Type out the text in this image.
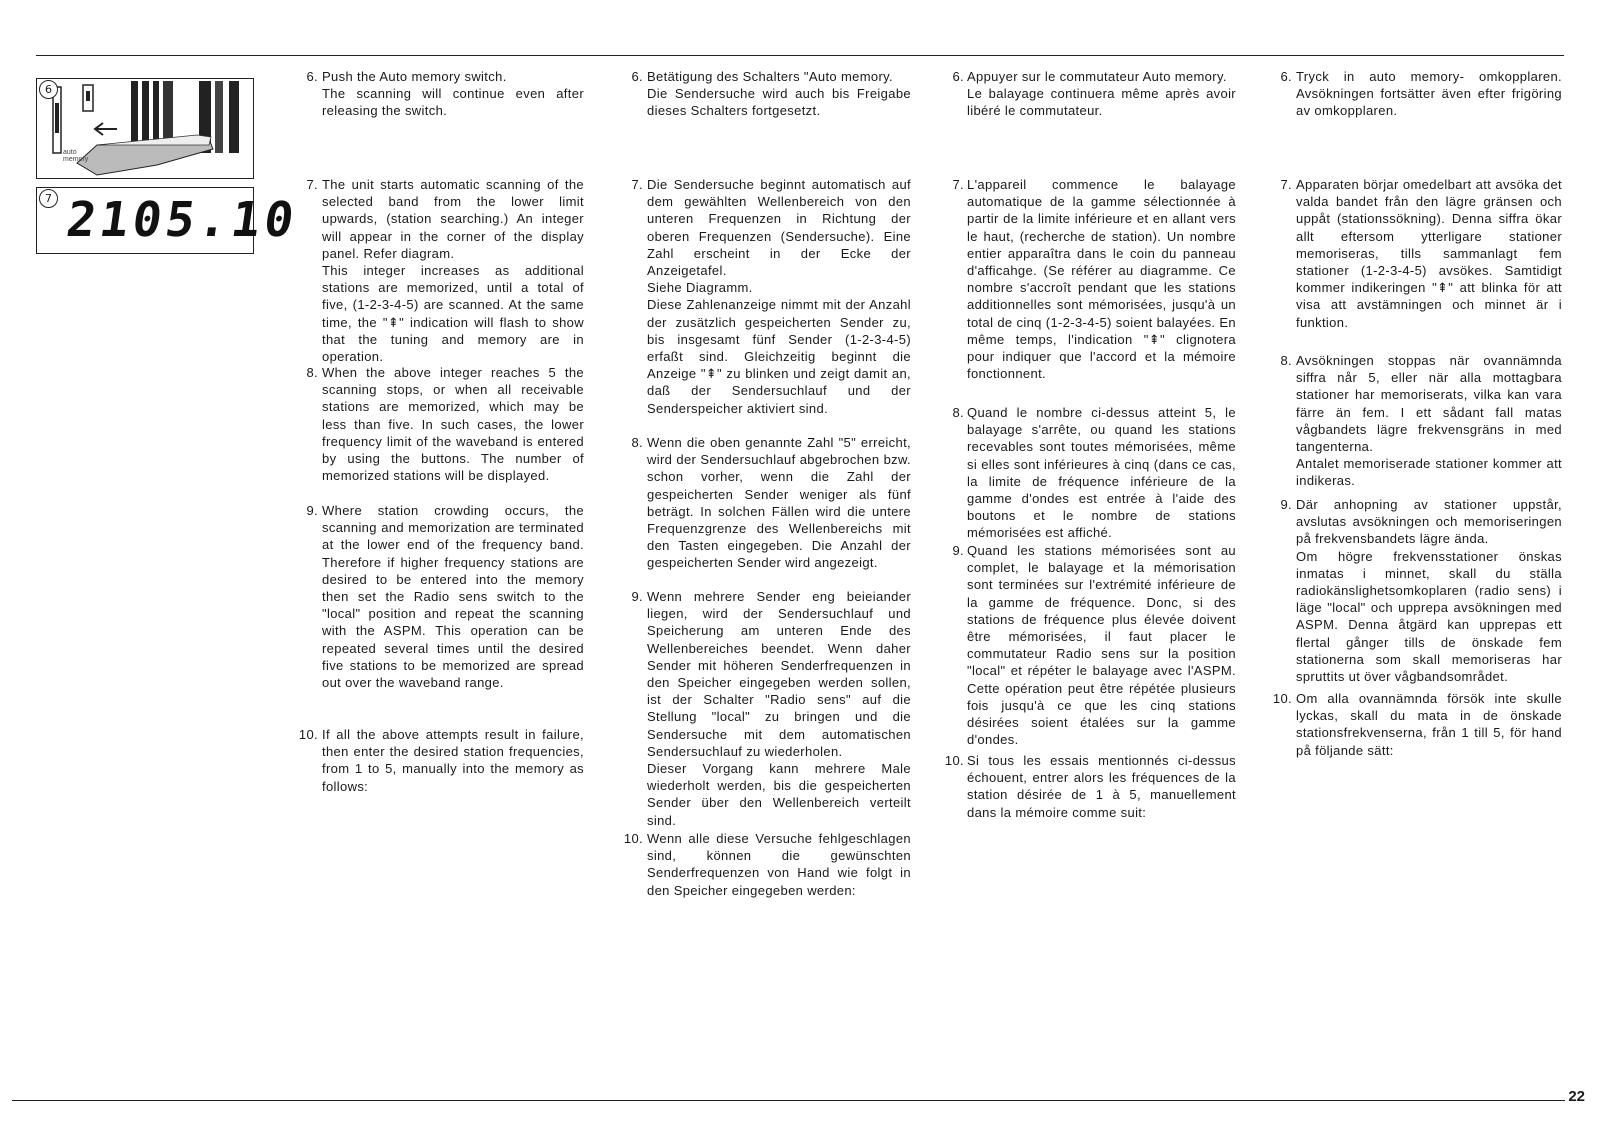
6
auto memory
7 2105.10
6. Push the Auto memory switch.
The scanning will continue even after releasing the switch.
7. The unit starts automatic scanning of the selected band from the lower limit upwards, (station searching.) An integer will appear in the corner of the display panel. Refer diagram.
This integer increases as additional stations are memorized, until a total of five, (1-2-3-4-5) are scanned. At the same time, the "⇞" indication will flash to show that the tuning and memory are in operation.
8. When the above integer reaches 5 the scanning stops, or when all receivable stations are memorized, which may be less than five. In such cases, the lower frequency limit of the waveband is entered by using the buttons. The number of memorized stations will be displayed.
9. Where station crowding occurs, the scanning and memorization are terminated at the lower end of the frequency band. Therefore if higher frequency stations are desired to be entered into the memory then set the Radio sens switch to the "local" position and repeat the scanning with the ASPM. This operation can be repeated several times until the desired five stations to be memorized are spread out over the waveband range.
10. If all the above attempts result in failure, then enter the desired station frequencies, from 1 to 5, manually into the memory as follows:
6. Betätigung des Schalters "Auto memory.
Die Sendersuche wird auch bis Freigabe dieses Schalters fortgesetzt.
7. Die Sendersuche beginnt automatisch auf dem gewählten Wellenbereich von den unteren Frequenzen in Richtung der oberen Frequenzen (Sendersuche). Eine Zahl erscheint in der Ecke der Anzeigetafel.
Siehe Diagramm.
Diese Zahlenanzeige nimmt mit der Anzahl der zusätzlich gespeicherten Sender zu, bis insgesamt fünf Sender (1-2-3-4-5) erfaßt sind. Gleichzeitig beginnt die Anzeige "⇞" zu blinken und zeigt damit an, daß der Sendersuchlauf und der Senderspeicher aktiviert sind.
8. Wenn die oben genannte Zahl "5" erreicht, wird der Sendersuchlauf abgebrochen bzw. schon vorher, wenn die Zahl der gespeicherten Sender weniger als fünf beträgt. In solchen Fällen wird die untere Frequenzgrenze des Wellenbereichs mit den Tasten eingegeben. Die Anzahl der gespeicherten Sender wird angezeigt.
9. Wenn mehrere Sender eng beieiander liegen, wird der Sendersuchlauf und Speicherung am unteren Ende des Wellenbereiches beendet. Wenn daher Sender mit höheren Senderfrequenzen in den Speicher eingegeben werden sollen, ist der Schalter "Radio sens" auf die Stellung "local" zu bringen und die Sendersuche mit dem automatischen Sendersuchlauf zu wiederholen.
Dieser Vorgang kann mehrere Male wiederholt werden, bis die gespeicherten Sender über den Wellenbereich verteilt sind.
10. Wenn alle diese Versuche fehlgeschlagen sind, können die gewünschten Senderfrequenzen von Hand wie folgt in den Speicher eingegeben werden:
6. Appuyer sur le commutateur Auto memory.
Le balayage continuera même après avoir libéré le commutateur.
7. L'appareil commence le balayage automatique de la gamme sélectionnée à partir de la limite inférieure et en allant vers le haut, (recherche de station). Un nombre entier apparaîtra dans le coin du panneau d'afficahge. (Se référer au diagramme. Ce nombre s'accroît pendant que les stations additionnelles sont mémorisées, jusqu'à un total de cinq (1-2-3-4-5) soient balayées. En même temps, l'indication "⇞" clignotera pour indiquer que l'accord et la mémoire fonctionnent.
8. Quand le nombre ci-dessus atteint 5, le balayage s'arrête, ou quand les stations recevables sont toutes mémorisées, même si elles sont inférieures à cinq (dans ce cas, la limite de fréquence inférieure de la gamme d'ondes est entrée à l'aide des boutons et le nombre de stations mémorisées est affiché.
9. Quand les stations mémorisées sont au complet, le balayage et la mémorisation sont terminées sur l'extrémité inférieure de la gamme de fréquence. Donc, si des stations de fréquence plus élevée doivent être mémorisées, il faut placer le commutateur Radio sens sur la position "local" et répéter le balayage avec l'ASPM. Cette opération peut être répétée plusieurs fois jusqu'à ce que les cinq stations désirées soient étalées sur la gamme d'ondes.
10. Si tous les essais mentionnés ci-dessus échouent, entrer alors les fréquences de la station désirée de 1 à 5, manuellement dans la mémoire comme suit:
6. Tryck in auto memory- omkopplaren. Avsökningen fortsätter även efter frigöring av omkopplaren.
7. Apparaten börjar omedelbart att avsöka det valda bandet från den lägre gränsen och uppåt (stationssökning). Denna siffra ökar allt eftersom ytterligare stationer memoriseras, tills sammanlagt fem stationer (1-2-3-4-5) avsökes. Samtidigt kommer indikeringen "⇞" att blinka för att visa att avstämningen och minnet är i funktion.
8. Avsökningen stoppas när ovannämnda siffra når 5, eller när alla mottagbara stationer har memoriserats, vilka kan vara färre än fem. I ett sådant fall matas vågbandets lägre frekvensgräns in med tangenterna.
Antalet memoriserade stationer kommer att indikeras.
9. Där anhopning av stationer uppstår, avslutas avsökningen och memoriseringen på frekvensbandets lägre ända.
Om högre frekvensstationer önskas inmatas i minnet, skall du ställa radiokänslighetsomkoplaren (radio sens) i läge "local" och upprepa avsökningen med ASPM. Denna åtgärd kan upprepas ett flertal gånger tills de önskade fem stationerna som skall memoriseras har spruttits ut över vågbandsområdet.
10. Om alla ovannämnda försök inte skulle lyckas, skall du mata in de önskade stationsfrekvenserna, från 1 till 5, för hand på följande sätt:
22
